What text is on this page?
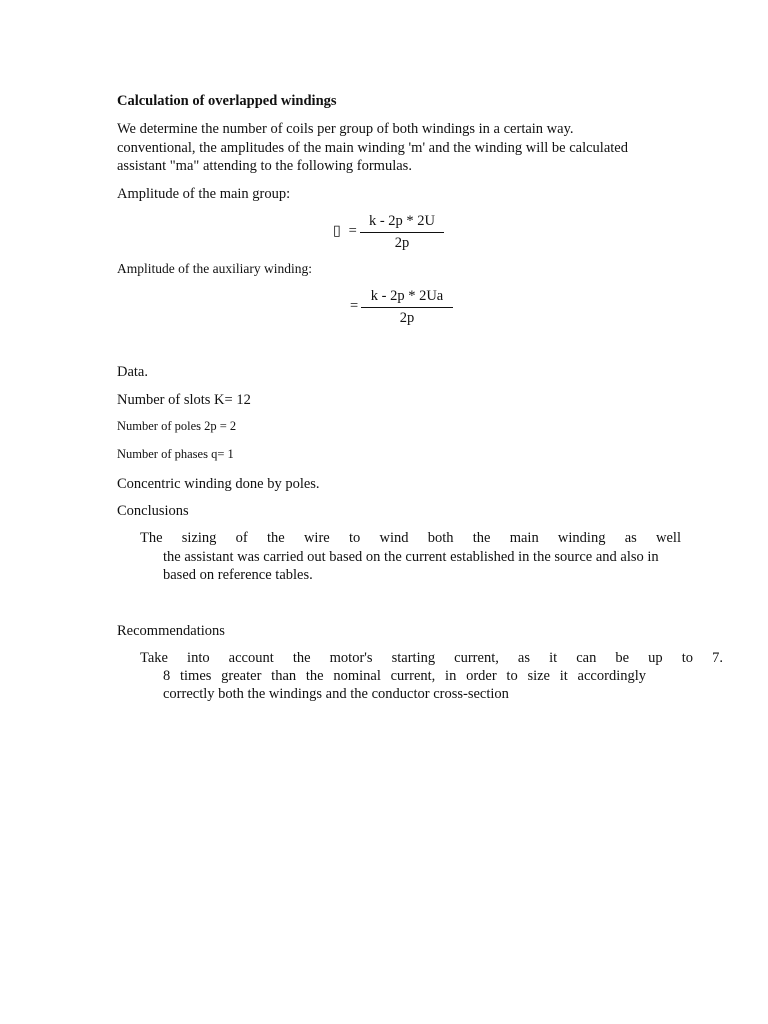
Calculation of overlapped windings
We determine the number of coils per group of both windings in a certain way.
conventional, the amplitudes of the main winding 'm' and the winding will be calculated
assistant "ma" attending to the following formulas.
Amplitude of the main group:
▯ = $\frac{k - 2p * 2U}{2p}$
Amplitude of the auxiliary winding:
= $\frac{k - 2p * 2Ua}{2p}$
Data.
Number of slots K= 12
Number of poles 2p = 2
Number of phases q= 1
Concentric winding done by poles.
Conclusions
The sizing of the wire to wind both the main winding as well
the assistant was carried out based on the current established in the source and also in
based on reference tables.
Recommendations
Take into account the motor's starting current, as it can be up to 7.
8 times greater than the nominal current, in order to size it accordingly
correctly both the windings and the conductor cross-section
